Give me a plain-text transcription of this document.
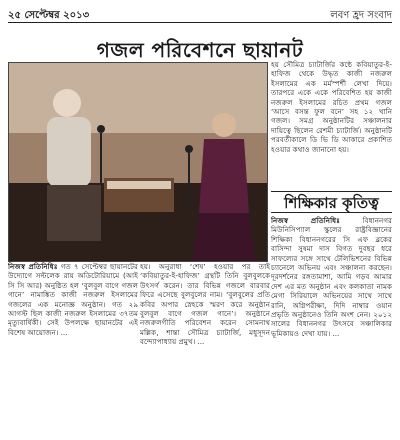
২৫ সেপ্টেম্বর ২০১৩	লবণ হ্রদ সংবাদ
গজল পরিবেশনে ছায়ানট
হয় সৌমিত্র চ্যাটার্জির কন্ঠে কবিয়াতুর-ই-হাফিজ থেকে উদ্ধৃত কাজী নজরুল ইসলামের এক মর্মস্পর্শী লেখা দিয়ে। তারপরে একে একে পরিবেশিত হয় কাজী নজরুল ইসলামের রচিত প্রথম গজল ‘আসে বসন্ত ফুল বনে’ সহ ১২ খানি গজল। সমগ্র অনুষ্ঠানটির সঞ্চালনার দায়িত্বে ছিলেন রেশমী চ্যাটার্জি। অনুষ্ঠানটি পরবর্তীকালে ডি ভি ডি আকারে প্রকাশিত হওয়ার কথাও জানানো হয়।
শিক্ষিকার কৃতিত্ব
নিজস্ব প্রতিনিধিঃ	বিধাননগর মিউনিসিপ্যাল স্কুলের রাষ্ট্রবিজ্ঞানের শিক্ষিকা বিধাননগরের সি এফ ব্লকের বাসিন্দা সুষমা দাস বিগত দুবছর ধরে সাফল্যের সঙ্গে সাথে টেলিভিশনের বিভিন্ন চ্যানেলে অভিনয় এবং সঞ্চালনা করছেন। দূরদর্শনের রঙ্গতামাশা, আমি গড়ব আমার দেশ এর মত অনুষ্ঠান এবং কলকাতা নামক মেগা সিরিয়ালে অভিনয়ের সাথে সাথে রানি, অগ্নিপরীক্ষা, দিদি নাম্বার ওয়ান প্রভৃতি অনুষ্ঠানেও তিনি অংশ নেন। ২০১২ সালের বিধাননগর উৎসবে সঞ্চালিকার ভূমিকায়ও দেখা যায়। ...
নিজস্ব প্রতিনিধিঃ গত ৭ সেপ্টেম্বর ছায়ানটের উদ্যোগে সল্টলেক রায় অডিটোরিয়ামে (আই সি সি আর) অনুষ্ঠিত হল ‘বুলবুল বাগে গজল গানে’ নামাঙ্কিত কাজী নজরুল ইসলামের গজলের এক মনোজ্ঞ অনুষ্ঠান। গত ২৯ আগস্ট ছিল কাজী নজরুল ইসলামের ৩৭তম মৃত্যুবার্ষিকী। সেই উপলক্ষে ছায়ানটের এই বিশেষ আয়োজন। ...
হয়। অনুরাধা ‘শেষ’ হওয়ার পর তাই ‘কবিয়াতুর-ই-হাফিজ’ গ্রন্থটি তিনি বুলবুলকে উৎসর্গ করেন। তার বিভিন্ন গজলে বারবার ফিরে এসেছে বুলবুলের নাম। ‘বুলবুলের প্রতি কবির অপার স্নেহকে স্মরণ করে অনুষ্ঠান বুলবুল বাগে গজল গানে’। অনুষ্ঠানে নজরুলগীতি পরিবেশন করেন সোমনাথ মল্লিক, শান্তা সৌমিত্র চ্যাটার্জি, মধুসূদন বন্দ্যোপাধ্যায় প্রমুখ। ...
